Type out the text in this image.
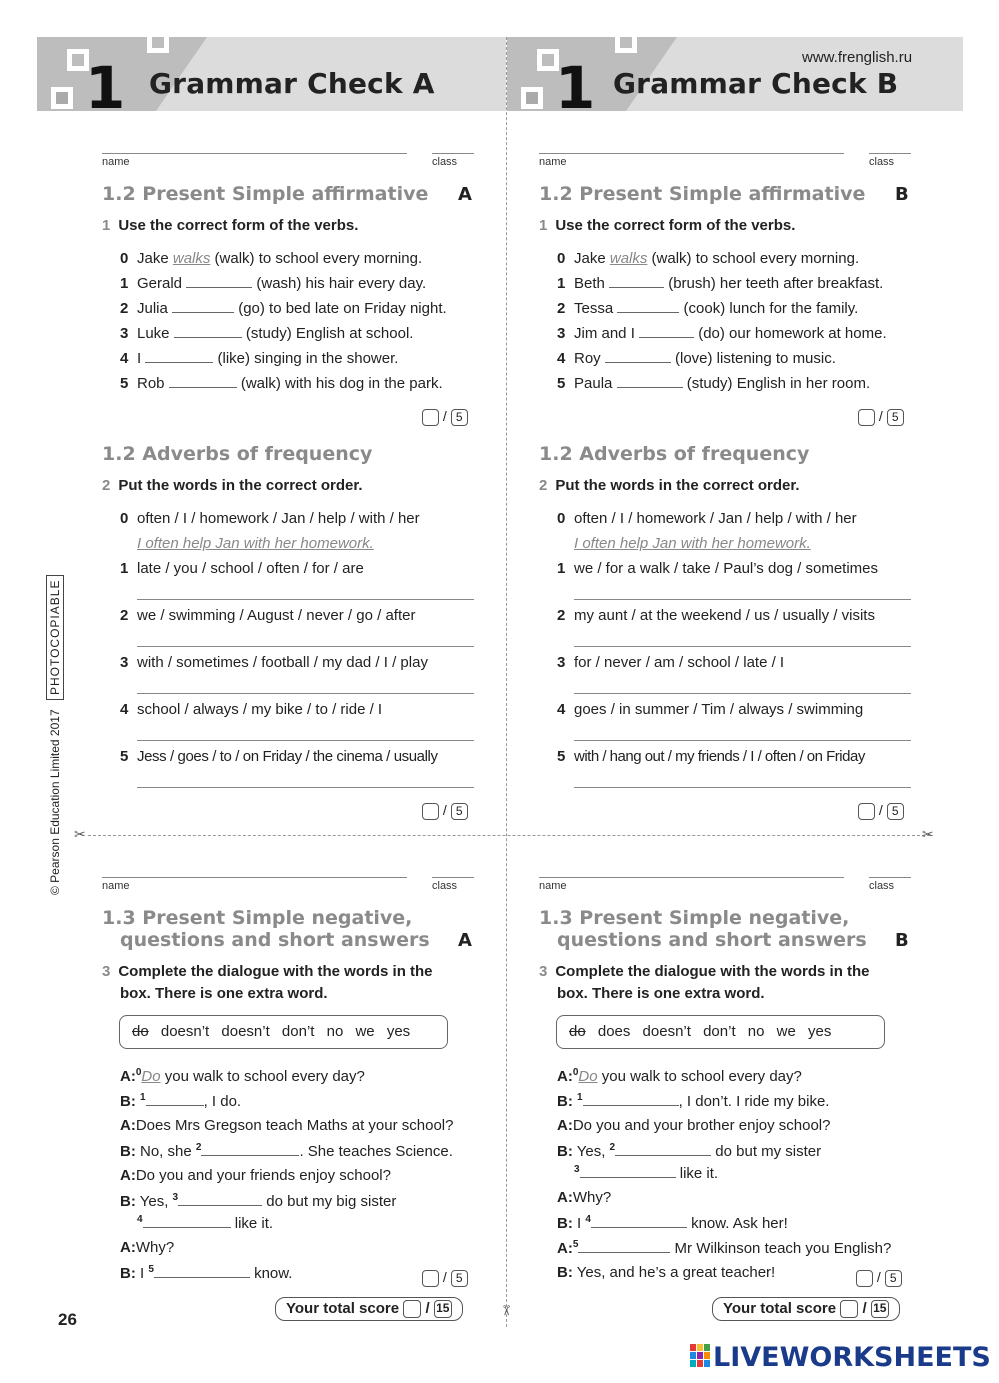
1 Grammar Check A 1 Grammar Check B
www.frenglish.ru
✂	✂
✂
© Pearson Education Limited 2017 PHOTOCOPIABLE
name	class
1.2 Present Simple affirmative A
1 Use the correct form of the verbs.
0 Jake walks (walk) to school every morning.
1 Gerald	(wash) his hair every day.
2 Julia	(go) to bed late on Friday night.
3 Luke	(study) English at school.
4 I	(like) singing in the shower.
5 Rob	(walk) with his dog in the park.
/ 5
1.2 Adverbs of frequency
2 Put the words in the correct order.
0 often / I / homework / Jan / help / with / her
I often help Jan with her homework.
1 late / you / school / often / for / are
2 we / swimming / August / never / go / after
3 with / sometimes / football / my dad / I / play
4 school / always / my bike / to / ride / I
5 Jess / goes / to / on Friday / the cinema / usually
/ 5
name	class
1.2 Present Simple affirmative B
1 Use the correct form of the verbs.
0 Jake walks (walk) to school every morning.
1 Beth	(brush) her teeth after breakfast.
2 Tessa	(cook) lunch for the family.
3 Jim and I	(do) our homework at home.
4 Roy	(love) listening to music.
5 Paula	(study) English in her room.
/ 5
1.2 Adverbs of frequency
2 Put the words in the correct order.
0 often / I / homework / Jan / help / with / her
I often help Jan with her homework.
1 we / for a walk / take / Paul’s dog / sometimes
2 my aunt / at the weekend / us / usually / visits
3 for / never / am / school / late / I
4 goes / in summer / Tim / always / swimming
5 with / hang out / my friends / I / often / on Friday
/ 5
name	class
1.3 Present Simple negative,
questions and short answers A
3 Complete the dialogue with the words in the
box. There is one extra word.
do doesn’t doesn’t don’t no we yes
A:$^0$Do you walk to school every day?
B: $^1$	, I do.
A:Does Mrs Gregson teach Maths at your school?
B: No, she $^2$	. She teaches Science.
A:Do you and your friends enjoy school?
B: Yes, $^3$	do but my big sister
$^4$	like it.
A:Why?
B: I $^5$	know.	/ 5
Your total score / 15
name	class
1.3 Present Simple negative,
questions and short answers B
3 Complete the dialogue with the words in the
box. There is one extra word.
do does doesn’t don’t no we yes
A:$^0$Do you walk to school every day?
B: $^1$	, I don’t. I ride my bike.
A:Do you and your brother enjoy school?
B: Yes, $^2$	do but my sister
$^3$	like it.
A:Why?
B: I $^4$	know. Ask her!
A:$^5$	Mr Wilkinson teach you English?
B: Yes, and he’s a great teacher!	/ 5
Your total score / 15
26
LIVEWORKSHEETS
